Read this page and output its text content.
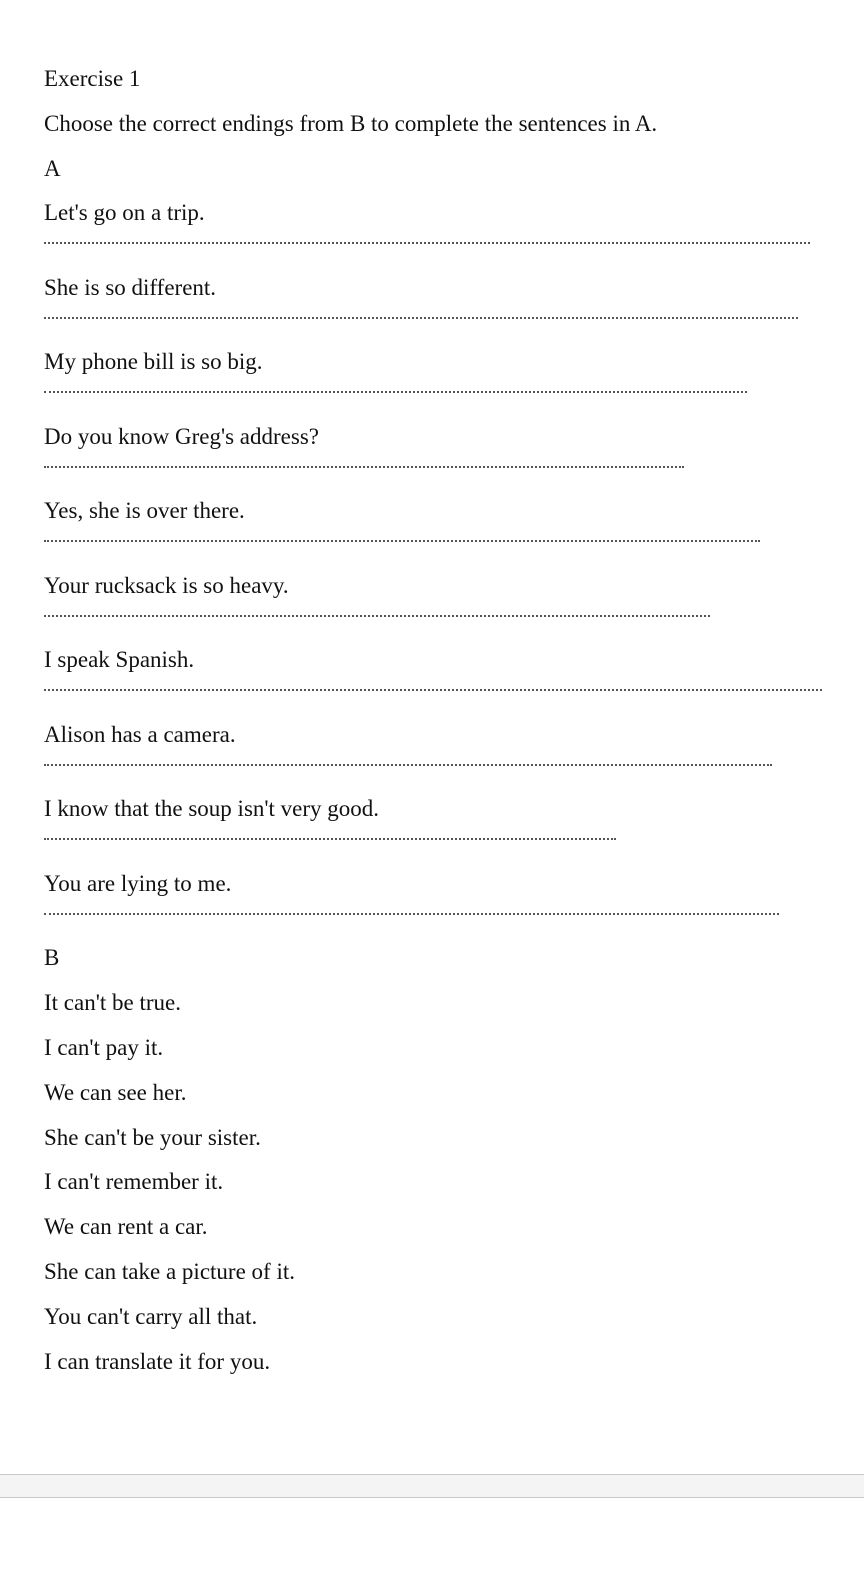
Exercise 1
Choose the correct endings from B to complete the sentences in A.
A
Let's go on a trip.
She is so different.
My phone bill is so big.
Do you know Greg's address?
Yes, she is over there.
Your rucksack is so heavy.
I speak Spanish.
Alison has a camera.
I know that the soup isn't very good.
You are lying to me.
B
It can't be true.
I can't pay it.
We can see her.
She can't be your sister.
I can't remember it.
We can rent a car.
She can take a picture of it.
You can't carry all that.
I can translate it for you.
